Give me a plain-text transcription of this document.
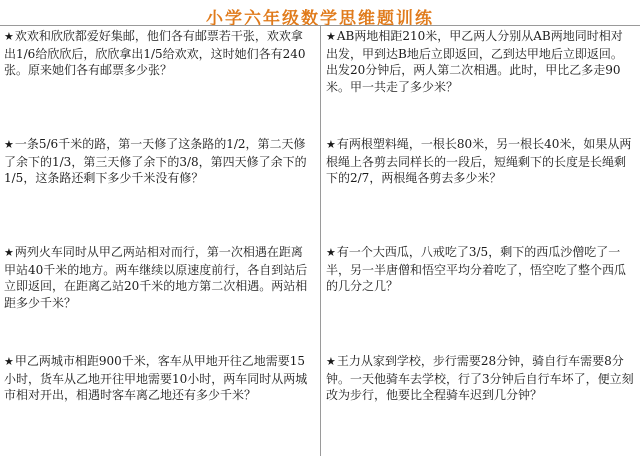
小学六年级数学思维题训练
★欢欢和欣欣都爱好集邮，他们各有邮票若干张，欢欢拿出1/6给欣欣后，欣欣拿出1/5给欢欢，这时她们各有240张。原来她们各有邮票多少张？
★一条5/6千米的路，第一天修了这条路的1/2，第二天修了余下的1/3，第三天修了余下的3/8，第四天修了余下的1/5，这条路还剩下多少千米没有修？
★两列火车同时从甲乙两站相对而行，第一次相遇在距离甲站40千米的地方。两车继续以原速度前行，各自到站后立即返回，在距离乙站20千米的地方第二次相遇。两站相距多少千米？
★甲乙两城市相距900千米，客车从甲地开往乙地需要15小时，货车从乙地开往甲地需要10小时，两车同时从两城市相对开出，相遇时客车离乙地还有多少千米？
★AB两地相距210米，甲乙两人分别从AB两地同时相对出发，甲到达B地后立即返回，乙到达甲地后立即返回。出发20分钟后，两人第二次相遇。此时，甲比乙多走90米。甲一共走了多少米？
★有两根塑料绳，一根长80米，另一根长40米，如果从两根绳上各剪去同样长的一段后，短绳剩下的长度是长绳剩下的2/7，两根绳各剪去多少米？
★有一个大西瓜，八戒吃了3/5，剩下的西瓜沙僧吃了一半，另一半唐僧和悟空平均分着吃了，悟空吃了整个西瓜的几分之几？
★王力从家到学校，步行需要28分钟，骑自行车需要8分钟。一天他骑车去学校，行了3分钟后自行车坏了，便立刻改为步行，他要比全程骑车迟到几分钟？
